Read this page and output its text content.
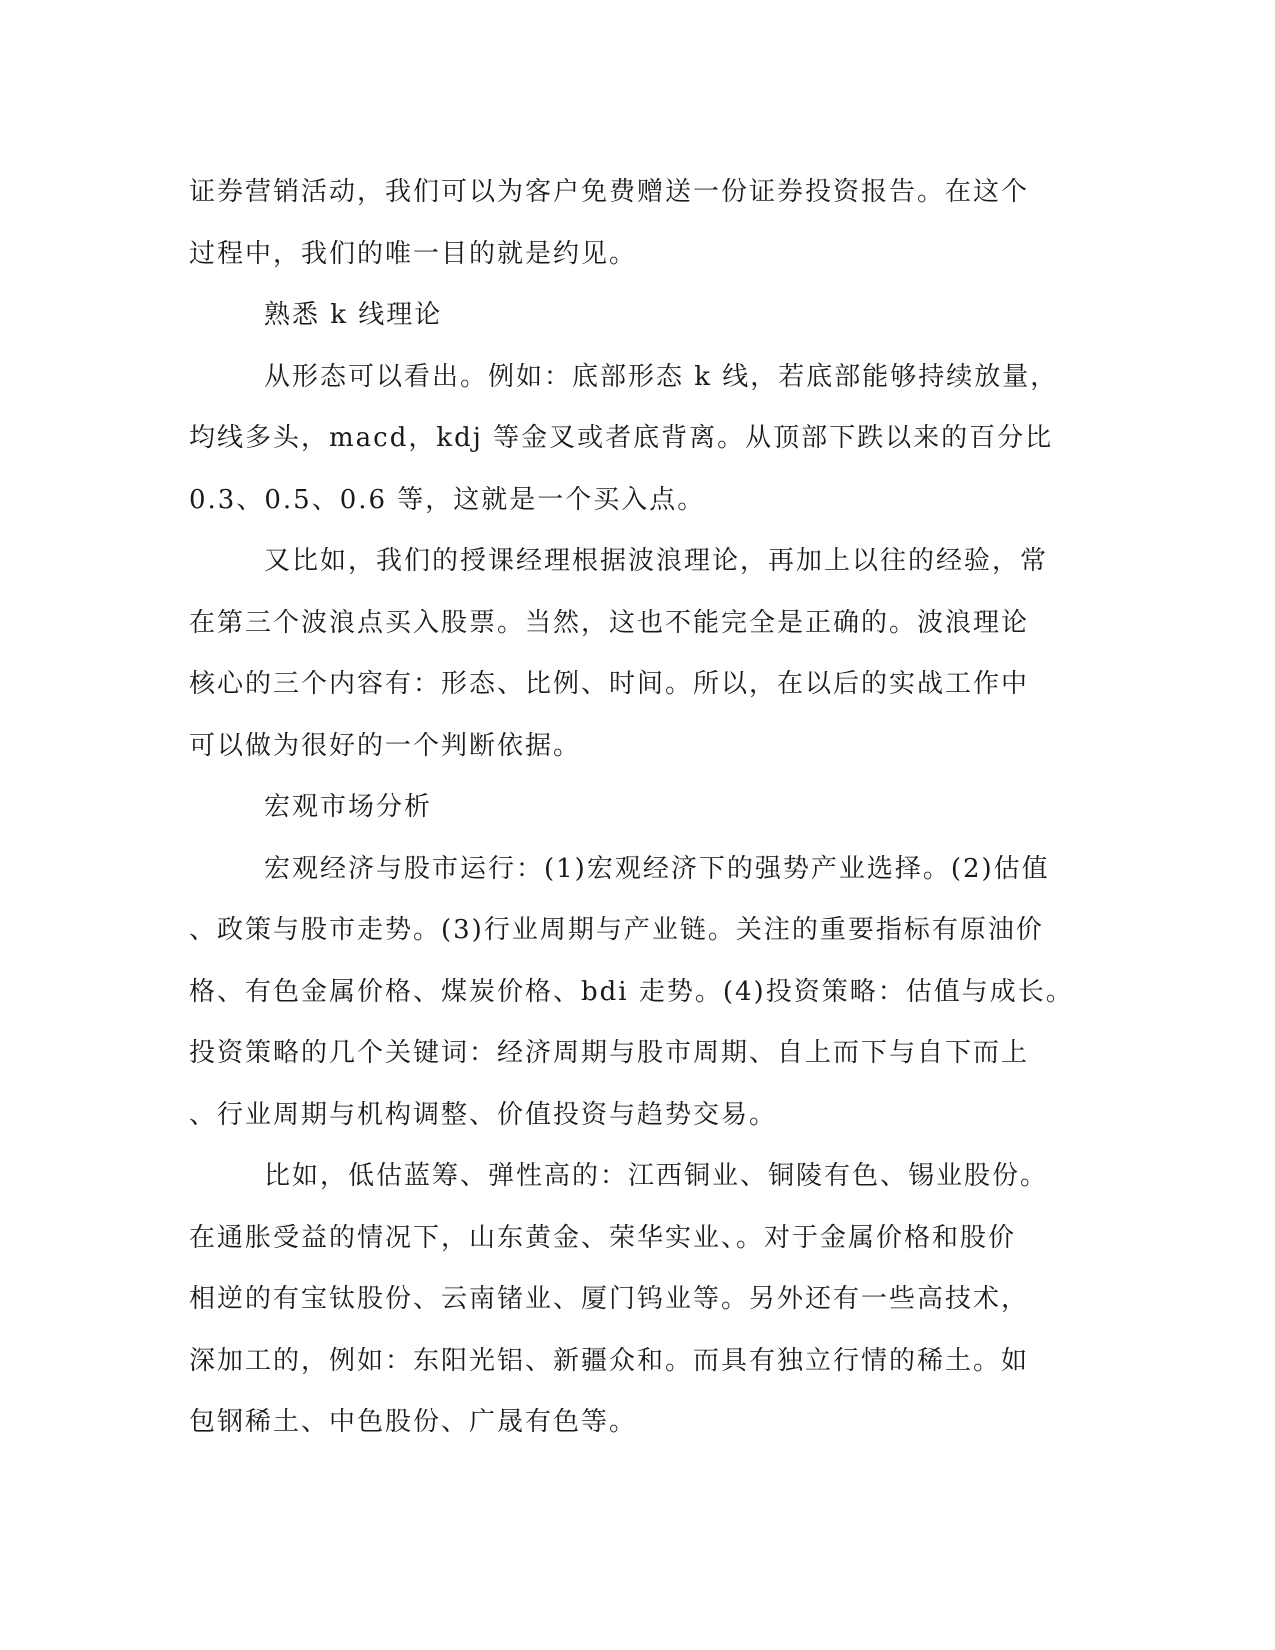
证券营销活动，我们可以为客户免费赠送一份证券投资报告。在这个
过程中，我们的唯一目的就是约见。
熟悉 k 线理论
从形态可以看出。例如：底部形态 k 线，若底部能够持续放量，
均线多头，macd，kdj 等金叉或者底背离。从顶部下跌以来的百分比
0.3、0.5、0.6 等，这就是一个买入点。
又比如，我们的授课经理根据波浪理论，再加上以往的经验，常
在第三个波浪点买入股票。当然，这也不能完全是正确的。波浪理论
核心的三个内容有：形态、比例、时间。所以，在以后的实战工作中
可以做为很好的一个判断依据。
宏观市场分析
宏观经济与股市运行：(1)宏观经济下的强势产业选择。(2)估值
、政策与股市走势。(3)行业周期与产业链。关注的重要指标有原油价
格、有色金属价格、煤炭价格、bdi 走势。(4)投资策略：估值与成长。
投资策略的几个关键词：经济周期与股市周期、自上而下与自下而上
、行业周期与机构调整、价值投资与趋势交易。
比如，低估蓝筹、弹性高的：江西铜业、铜陵有色、锡业股份。
在通胀受益的情况下，山东黄金、荣华实业、。对于金属价格和股价
相逆的有宝钛股份、云南锗业、厦门钨业等。另外还有一些高技术，
深加工的，例如：东阳光铝、新疆众和。而具有独立行情的稀土。如
包钢稀土、中色股份、广晟有色等。
